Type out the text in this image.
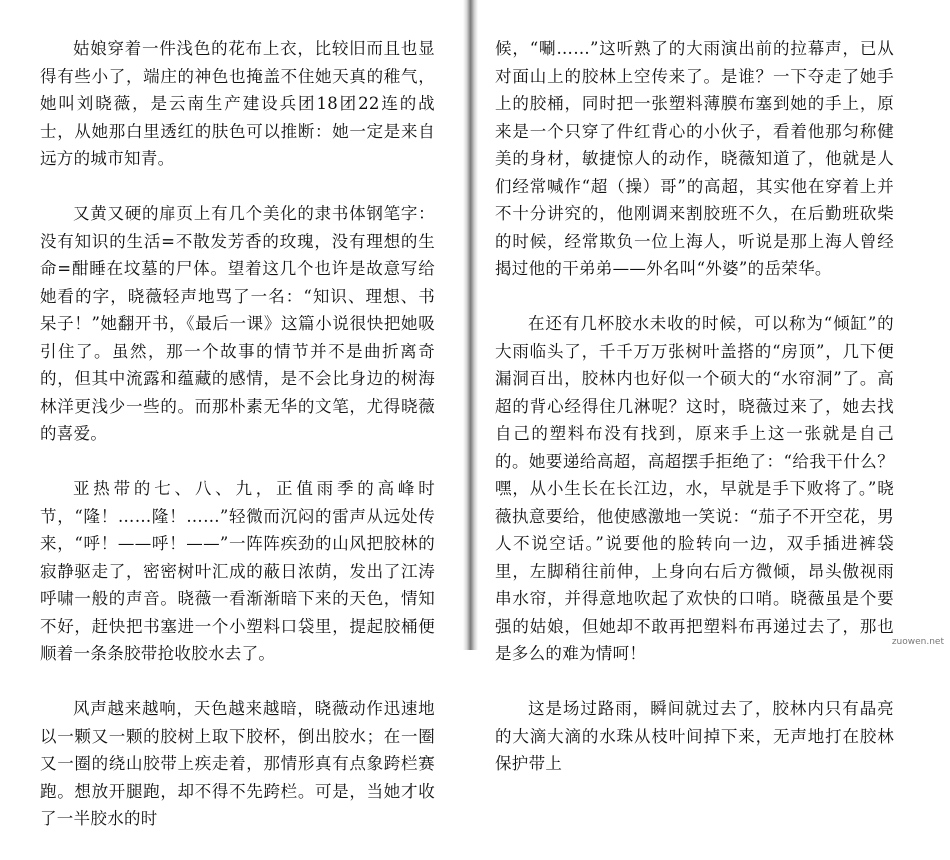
姑娘穿着一件浅色的花布上衣，比较旧而且也显得有些小了，端庄的神色也掩盖不住她天真的稚气，她叫刘晓薇，是云南生产建设兵团18团22连的战士，从她那白里透红的肤色可以推断：她一定是来自远方的城市知青。

又黄又硬的扉页上有几个美化的隶书体钢笔字：没有知识的生活=不散发芳香的玫瑰，没有理想的生命=酣睡在坟墓的尸体。望着这几个也许是故意写给她看的字，晓薇轻声地骂了一名：“知识、理想、书呆子！”她翻开书，《最后一课》这篇小说很快把她吸引住了。虽然，那一个故事的情节并不是曲折离奇的，但其中流露和蕴藏的感情，是不会比身边的树海林洋更浅少一些的。而那朴素无华的文笔，尤得晓薇的喜爱。

亚热带的七、八、九，正值雨季的高峰时节，“隆！……隆！……”轻微而沉闷的雷声从远处传来，“呼！——呼！——”一阵阵疾劲的山风把胶林的寂静驱走了，密密树叶汇成的蔽日浓荫，发出了江涛呼啸一般的声音。晓薇一看渐渐暗下来的天色，情知不好，赶快把书塞进一个小塑料口袋里，提起胶桶便顺着一条条胶带抢收胶水去了。

风声越来越响，天色越来越暗，晓薇动作迅速地以一颗又一颗的胶树上取下胶杯，倒出胶水；在一圈又一圈的绕山胶带上疾走着，那情形真有点象跨栏赛跑。想放开腿跑，却不得不先跨栏。可是，当她才收了一半胶水的时

候，“唰……”这听熟了的大雨演出前的拉幕声，已从对面山上的胶林上空传来了。是谁？一下夺走了她手上的胶桶，同时把一张塑料薄膜布塞到她的手上，原来是一个只穿了件红背心的小伙子，看着他那匀称健美的身材，敏捷惊人的动作，晓薇知道了，他就是人们经常喊作“超（操）哥”的高超，其实他在穿着上并不十分讲究的，他刚调来割胶班不久，在后勤班砍柴的时候，经常欺负一位上海人，听说是那上海人曾经揭过他的干弟弟——外名叫“外婆”的岳荣华。

在还有几杯胶水未收的时候，可以称为“倾缸”的大雨临头了，千千万万张树叶盖搭的“房顶”，几下便漏洞百出，胶林内也好似一个硕大的“水帘洞”了。高超的背心经得住几淋呢？这时，晓薇过来了，她去找自己的塑料布没有找到，原来手上这一张就是自己的。她要递给高超，高超摆手拒绝了：“给我干什么？嘿，从小生长在长江边，水，早就是手下败将了。”晓薇执意要给，他使感激地一笑说：“茄子不开空花，男人不说空话。”说要他的脸转向一边，双手插进裤袋里，左脚稍往前伸，上身向右后方微倾，昂头傲视雨串水帘，并得意地吹起了欢快的口哨。晓薇虽是个要强的姑娘，但她却不敢再把塑料布再递过去了，那也是多么的难为情呵！

这是场过路雨，瞬间就过去了，胶林内只有晶亮的大滴大滴的水珠从枝叶间掉下来，无声地打在胶林保护带上

zuowen.net
